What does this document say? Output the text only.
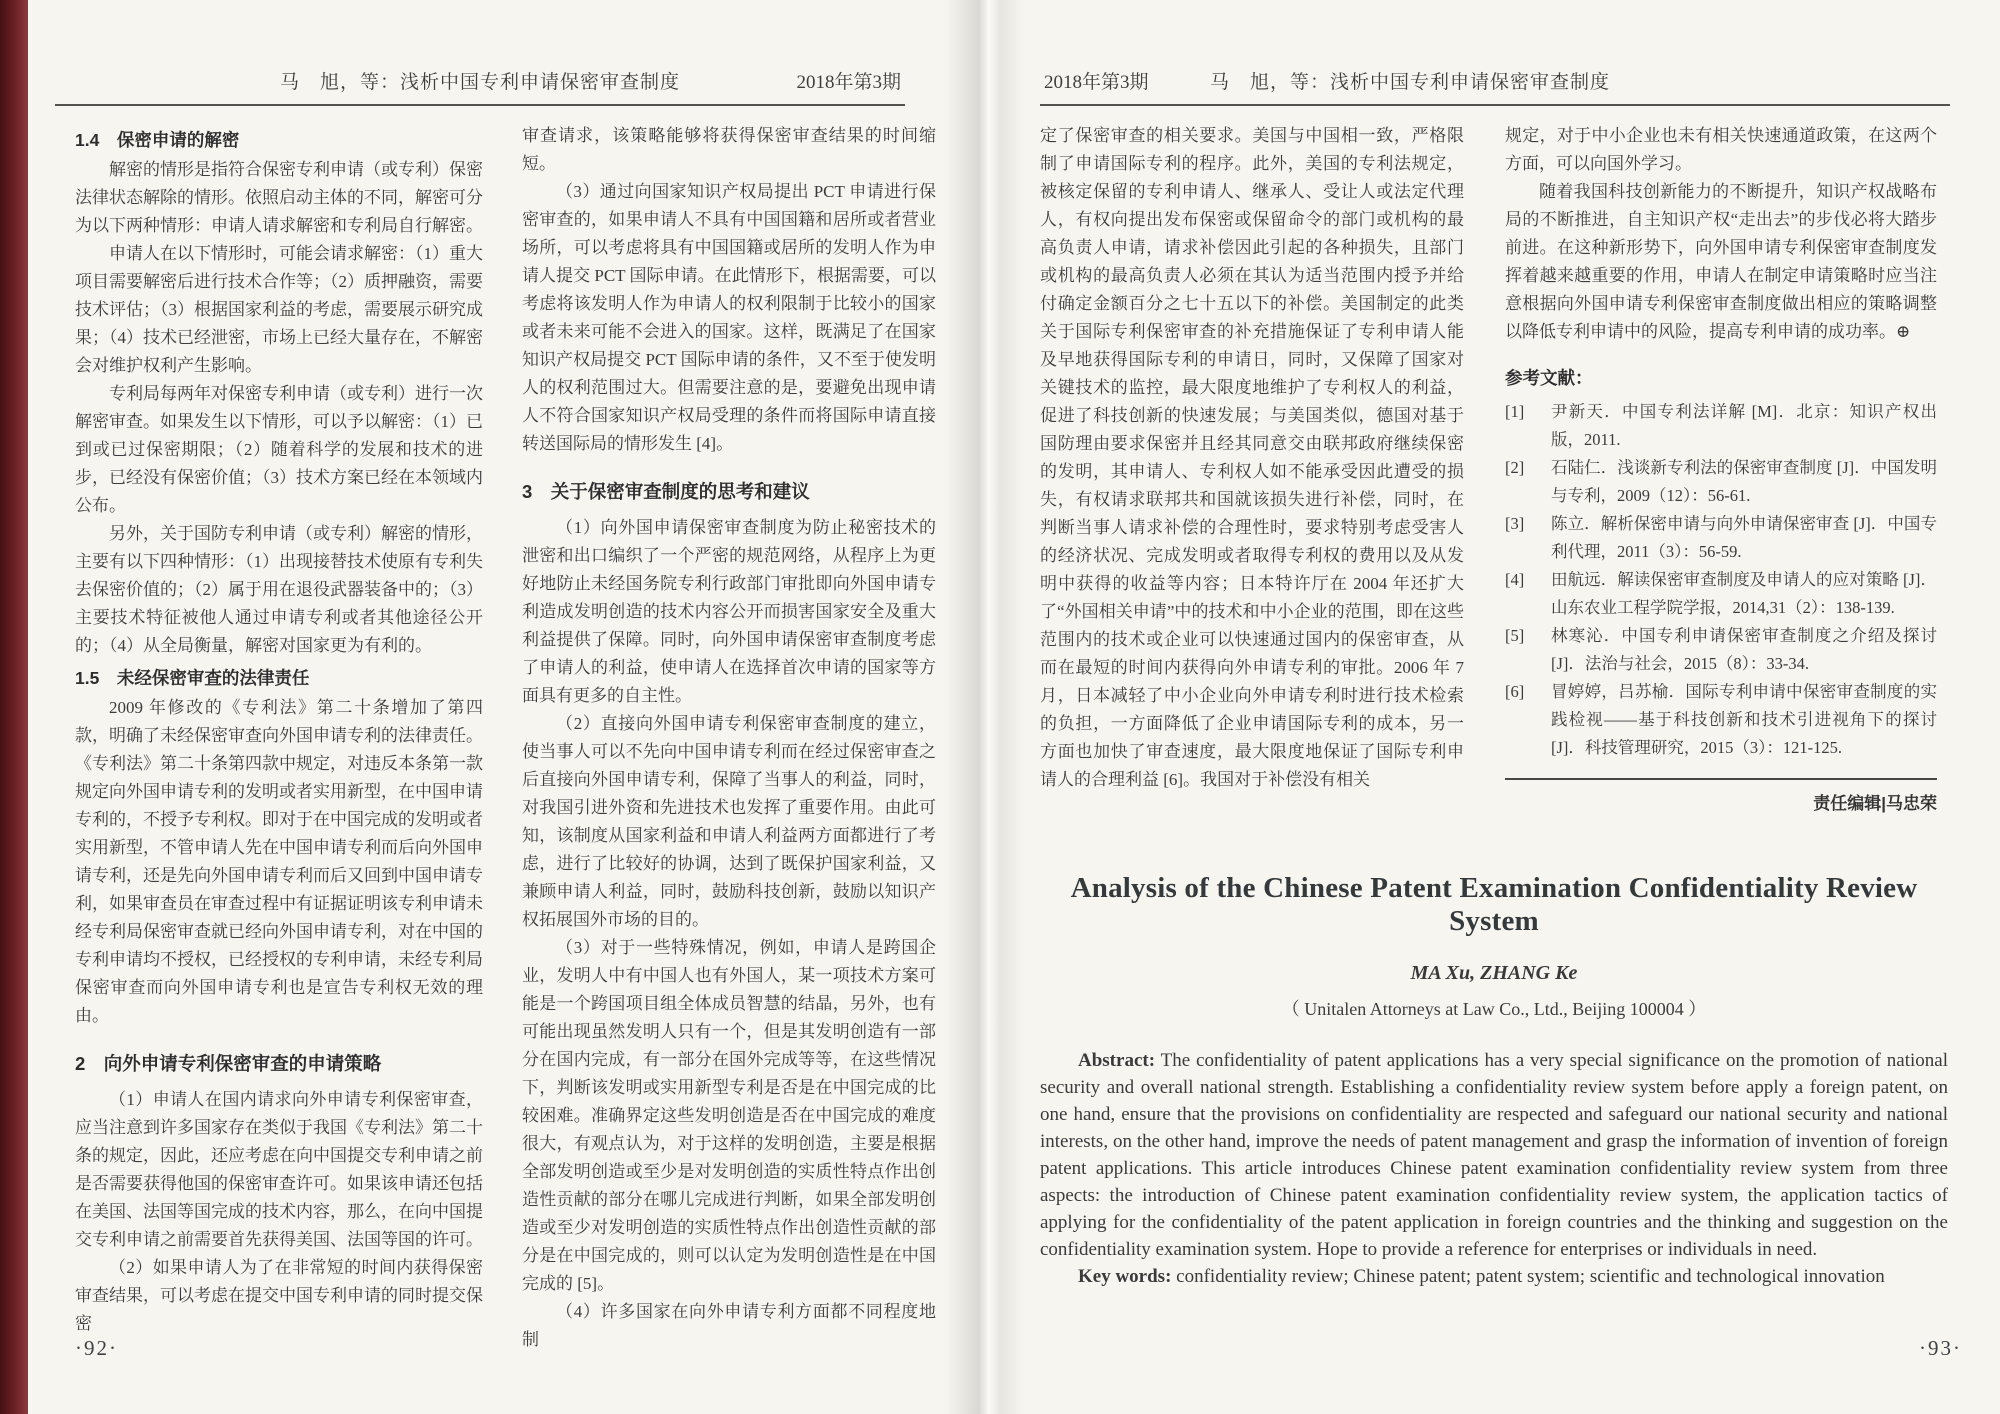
马　旭，等：浅析中国专利申请保密审查制度	2018年第3期
1.4　保密申请的解密

解密的情形是指符合保密专利申请（或专利）保密法律状态解除的情形。依照启动主体的不同，解密可分为以下两种情形：申请人请求解密和专利局自行解密。

申请人在以下情形时，可能会请求解密：（1）重大项目需要解密后进行技术合作等；（2）质押融资，需要技术评估；（3）根据国家利益的考虑，需要展示研究成果；（4）技术已经泄密，市场上已经大量存在，不解密会对维护权利产生影响。

专利局每两年对保密专利申请（或专利）进行一次解密审查。如果发生以下情形，可以予以解密：（1）已到或已过保密期限；（2）随着科学的发展和技术的进步，已经没有保密价值；（3）技术方案已经在本领域内公布。

另外，关于国防专利申请（或专利）解密的情形，主要有以下四种情形：（1）出现接替技术使原有专利失去保密价值的；（2）属于用在退役武器装备中的；（3）主要技术特征被他人通过申请专利或者其他途径公开的；（4）从全局衡量，解密对国家更为有利的。

1.5　未经保密审查的法律责任

2009 年修改的《专利法》第二十条增加了第四款，明确了未经保密审查向外国申请专利的法律责任。《专利法》第二十条第四款中规定，对违反本条第一款规定向外国申请专利的发明或者实用新型，在中国申请专利的，不授予专利权。即对于在中国完成的发明或者实用新型，不管申请人先在中国申请专利而后向外国申请专利，还是先向外国申请专利而后又回到中国申请专利，如果审查员在审查过程中有证据证明该专利申请未经专利局保密审查就已经向外国申请专利，对在中国的专利申请均不授权，已经授权的专利申请，未经专利局保密审查而向外国申请专利也是宣告专利权无效的理由。

2　向外申请专利保密审查的申请策略

（1）申请人在国内请求向外申请专利保密审查，应当注意到许多国家存在类似于我国《专利法》第二十条的规定，因此，还应考虑在向中国提交专利申请之前是否需要获得他国的保密审查许可。如果该申请还包括在美国、法国等国完成的技术内容，那么，在向中国提交专利申请之前需要首先获得美国、法国等国的许可。

（2）如果申请人为了在非常短的时间内获得保密审查结果，可以考虑在提交中国专利申请的同时提交保密

审查请求，该策略能够将获得保密审查结果的时间缩短。

（3）通过向国家知识产权局提出 PCT 申请进行保密审查的，如果申请人不具有中国国籍和居所或者营业场所，可以考虑将具有中国国籍或居所的发明人作为申请人提交 PCT 国际申请。在此情形下，根据需要，可以考虑将该发明人作为申请人的权利限制于比较小的国家或者未来可能不会进入的国家。这样，既满足了在国家知识产权局提交 PCT 国际申请的条件，又不至于使发明人的权利范围过大。但需要注意的是，要避免出现申请人不符合国家知识产权局受理的条件而将国际申请直接转送国际局的情形发生 [4]。

3　关于保密审查制度的思考和建议

（1）向外国申请保密审查制度为防止秘密技术的泄密和出口编织了一个严密的规范网络，从程序上为更好地防止未经国务院专利行政部门审批即向外国申请专利造成发明创造的技术内容公开而损害国家安全及重大利益提供了保障。同时，向外国申请保密审查制度考虑了申请人的利益，使申请人在选择首次申请的国家等方面具有更多的自主性。

（2）直接向外国申请专利保密审查制度的建立，使当事人可以不先向中国申请专利而在经过保密审查之后直接向外国申请专利，保障了当事人的利益，同时，对我国引进外资和先进技术也发挥了重要作用。由此可知，该制度从国家利益和申请人利益两方面都进行了考虑，进行了比较好的协调，达到了既保护国家利益，又兼顾申请人利益，同时，鼓励科技创新，鼓励以知识产权拓展国外市场的目的。

（3）对于一些特殊情况，例如，申请人是跨国企业，发明人中有中国人也有外国人，某一项技术方案可能是一个跨国项目组全体成员智慧的结晶，另外，也有可能出现虽然发明人只有一个，但是其发明创造有一部分在国内完成，有一部分在国外完成等等，在这些情况下，判断该发明或实用新型专利是否是在中国完成的比较困难。准确界定这些发明创造是否在中国完成的难度很大，有观点认为，对于这样的发明创造，主要是根据全部发明创造或至少是对发明创造的实质性特点作出创造性贡献的部分在哪儿完成进行判断，如果全部发明创造或至少对发明创造的实质性特点作出创造性贡献的部分是在中国完成的，则可以认定为发明创造性是在中国完成的 [5]。

（4）许多国家在向外申请专利方面都不同程度地制

·92·
2018年第3期	马　旭，等：浅析中国专利申请保密审查制度

定了保密审查的相关要求。美国与中国相一致，严格限制了申请国际专利的程序。此外，美国的专利法规定，被核定保留的专利申请人、继承人、受让人或法定代理人，有权向提出发布保密或保留命令的部门或机构的最高负责人申请，请求补偿因此引起的各种损失，且部门或机构的最高负责人必须在其认为适当范围内授予并给付确定金额百分之七十五以下的补偿。美国制定的此类关于国际专利保密审查的补充措施保证了专利申请人能及早地获得国际专利的申请日，同时，又保障了国家对关键技术的监控，最大限度地维护了专利权人的利益，促进了科技创新的快速发展；与美国类似，德国对基于国防理由要求保密并且经其同意交由联邦政府继续保密的发明，其申请人、专利权人如不能承受因此遭受的损失，有权请求联邦共和国就该损失进行补偿，同时，在判断当事人请求补偿的合理性时，要求特别考虑受害人的经济状况、完成发明或者取得专利权的费用以及从发明中获得的收益等内容；日本特许厅在 2004 年还扩大了“外国相关申请”中的技术和中小企业的范围，即在这些范围内的技术或企业可以快速通过国内的保密审查，从而在最短的时间内获得向外申请专利的审批。2006 年 7 月，日本减轻了中小企业向外申请专利时进行技术检索的负担，一方面降低了企业申请国际专利的成本，另一方面也加快了审查速度，最大限度地保证了国际专利申请人的合理利益 [6]。我国对于补偿没有相关

规定，对于中小企业也未有相关快速通道政策，在这两个方面，可以向国外学习。

随着我国科技创新能力的不断提升，知识产权战略布局的不断推进，自主知识产权“走出去”的步伐必将大踏步前进。在这种新形势下，向外国申请专利保密审查制度发挥着越来越重要的作用，申请人在制定申请策略时应当注意根据向外国申请专利保密审查制度做出相应的策略调整以降低专利申请中的风险，提高专利申请的成功率。⊕

参考文献：
[1] 尹新天．中国专利法详解 [M]．北京：知识产权出版，2011.
[2] 石陆仁．浅谈新专利法的保密审查制度 [J]．中国发明与专利，2009（12）：56-61.
[3] 陈立．解析保密申请与向外申请保密审查 [J]．中国专利代理，2011（3）：56-59.
[4] 田航远．解读保密审查制度及申请人的应对策略 [J]．山东农业工程学院学报，2014,31（2）：138-139.
[5] 林寒沁．中国专利申请保密审查制度之介绍及探讨 [J]．法治与社会，2015（8）：33-34.
[6] 冒婷婷，吕苏榆．国际专利申请中保密审查制度的实践检视——基于科技创新和技术引进视角下的探讨 [J]．科技管理研究，2015（3）：121-125.
责任编辑|马忠荣
Analysis of the Chinese Patent Examination Confidentiality Review System
MA Xu, ZHANG Ke
（ Unitalen Attorneys at Law Co., Ltd., Beijing 100004 ）

Abstract: The confidentiality of patent applications has a very special significance on the promotion of national security and overall national strength. Establishing a confidentiality review system before apply a foreign patent, on one hand, ensure that the provisions on confidentiality are respected and safeguard our national security and national interests, on the other hand, improve the needs of patent management and grasp the information of invention of foreign patent applications. This article introduces Chinese patent examination confidentiality review system from three aspects: the introduction of Chinese patent examination confidentiality review system, the application tactics of applying for the confidentiality of the patent application in foreign countries and the thinking and suggestion on the confidentiality examination system. Hope to provide a reference for enterprises or individuals in need.

Key words: confidentiality review; Chinese patent; patent system; scientific and technological innovation

·93·
